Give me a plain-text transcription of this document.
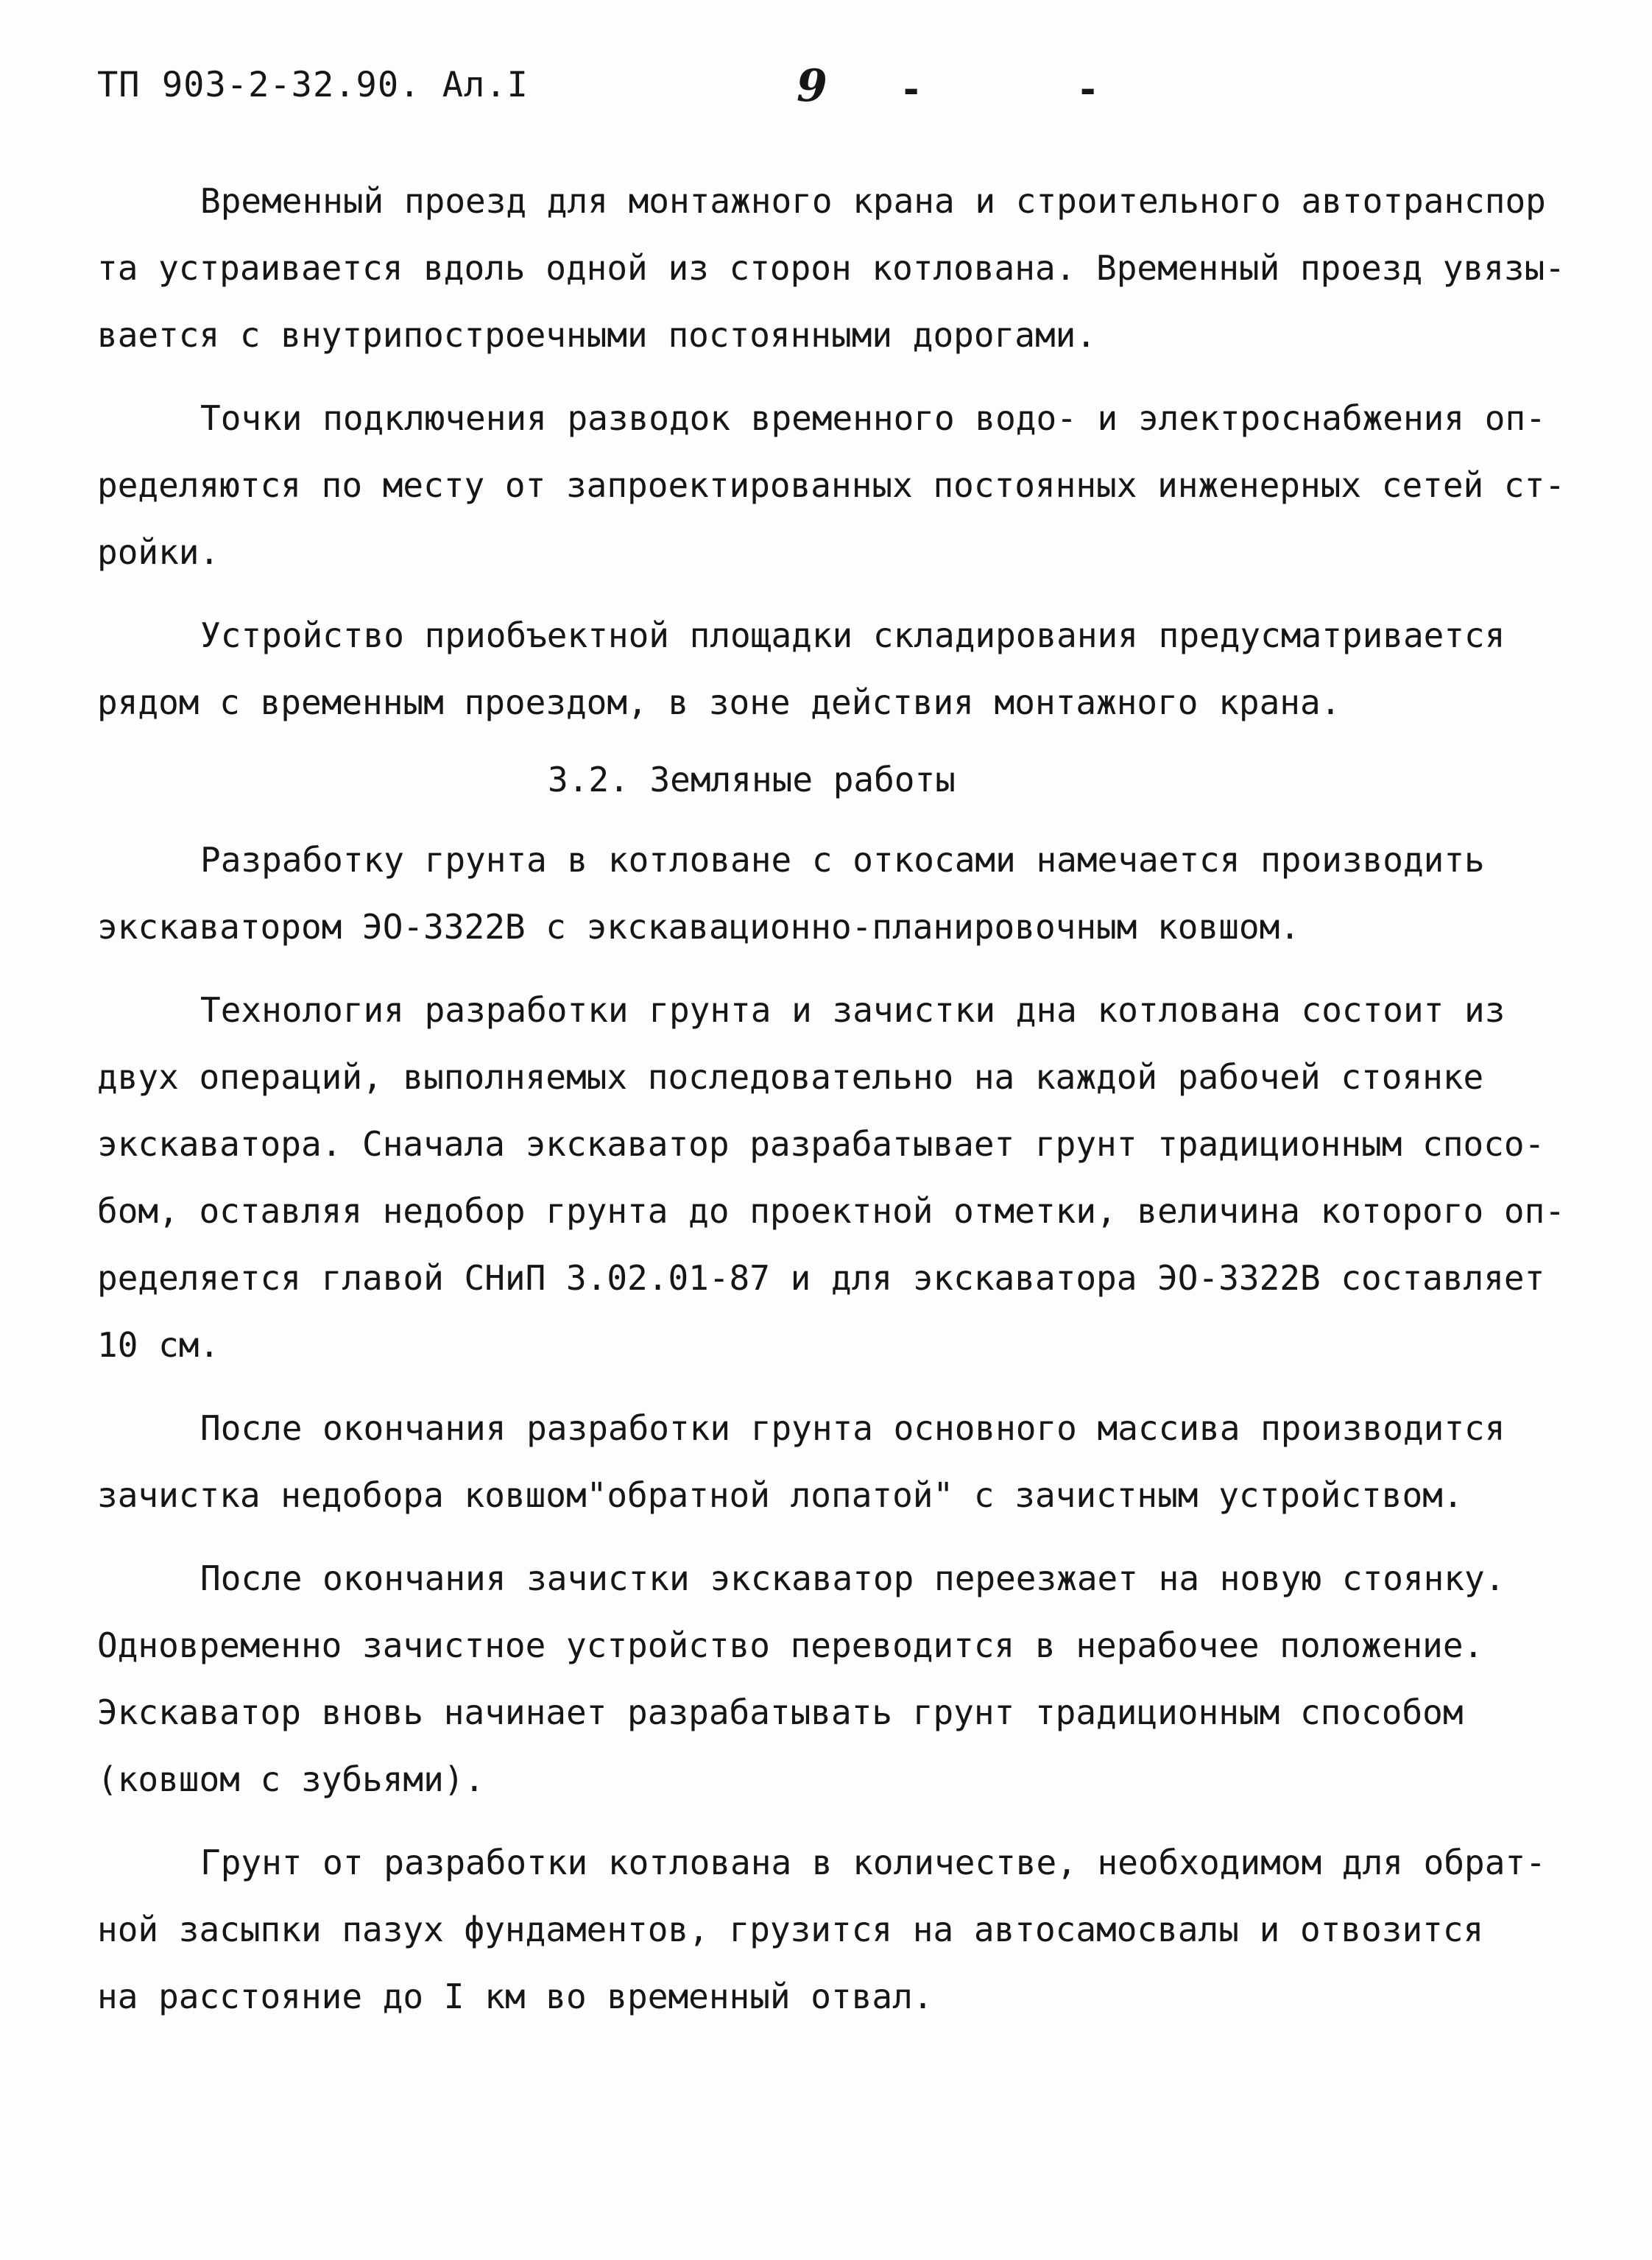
ТП 903-2-32.90. Ал.I	-
9	-
Временный проезд для монтажного крана и строительного автотранспор
та устраивается вдоль одной из сторон котлована. Временный проезд увязы-
вается с внутрипостроечными постоянными дорогами.
Точки подключения разводок временного водо- и электроснабжения оп-
ределяются по месту от запроектированных постоянных инженерных сетей ст-
ройки.
Устройство приобъектной площадки складирования предусматривается
рядом с временным проездом, в зоне действия монтажного крана.
3.2. Земляные работы
Разработку грунта в котловане с откосами намечается производить
экскаватором ЭО-3322В с экскавационно-планировочным ковшом.
Технология разработки грунта и зачистки дна котлована состоит из
двух операций, выполняемых последовательно на каждой рабочей стоянке
экскаватора. Сначала экскаватор разрабатывает грунт традиционным спосо-
бом, оставляя недобор грунта до проектной отметки, величина которого оп-
ределяется главой СНиП 3.02.01-87 и для экскаватора ЭО-3322В составляет
10 см.
После окончания разработки грунта основного массива производится
зачистка недобора ковшом"обратной лопатой" с зачистным устройством.
После окончания зачистки экскаватор переезжает на новую стоянку.
Одновременно зачистное устройство переводится в нерабочее положение.
Экскаватор вновь начинает разрабатывать грунт традиционным способом
(ковшом с зубьями).
Грунт от разработки котлована в количестве, необходимом для обрат-
ной засыпки пазух фундаментов, грузится на автосамосвалы и отвозится
на расстояние до I км во временный отвал.
